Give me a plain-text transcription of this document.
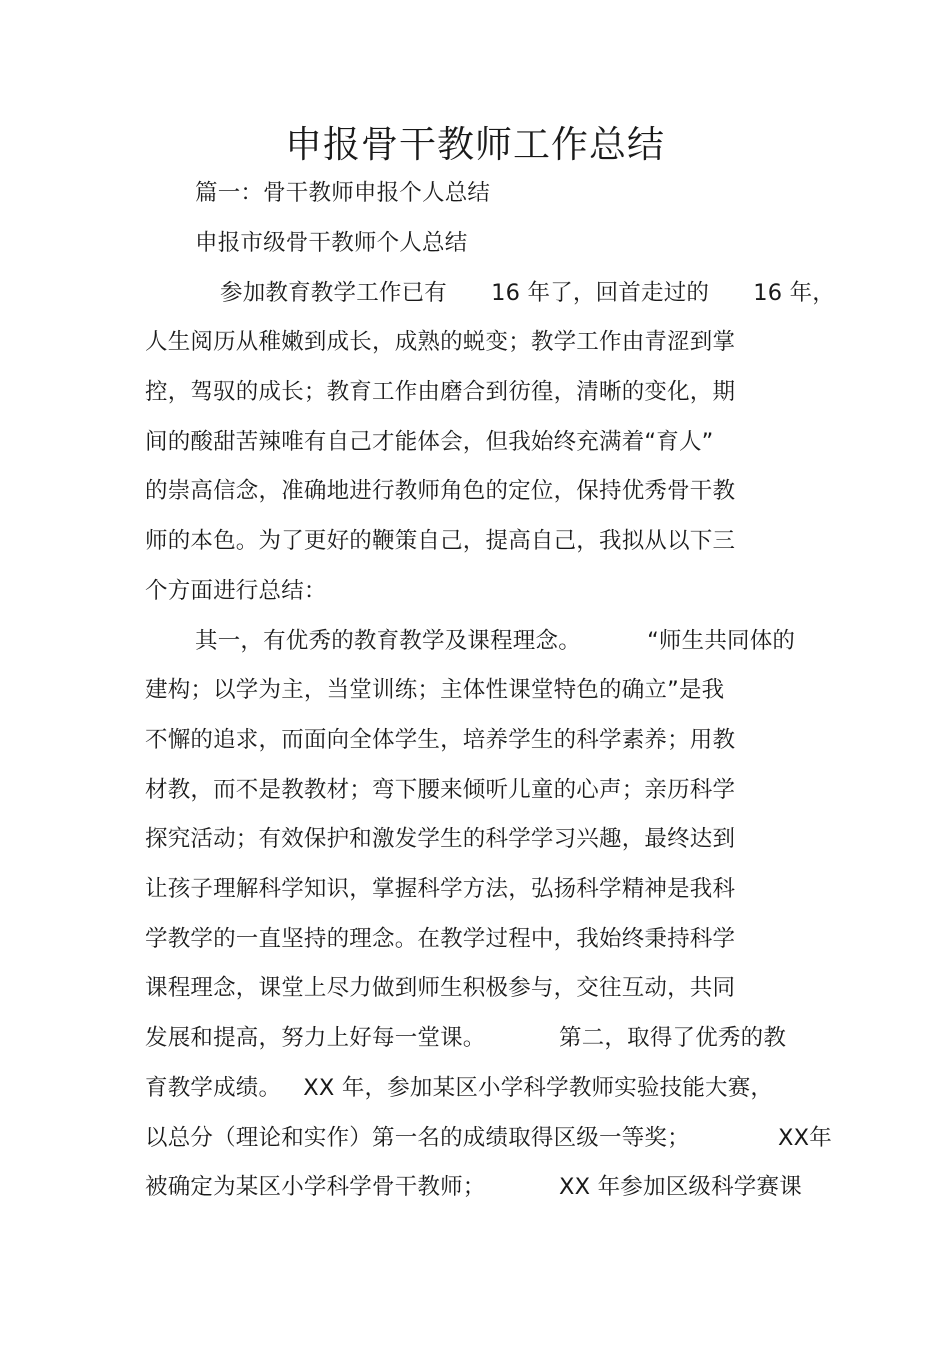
申报骨干教师工作总结
篇一：骨干教师申报个人总结
申报市级骨干教师个人总结
参加教育教学工作已有      16 年了，回首走过的      16 年，
人生阅历从稚嫩到成长，成熟的蜕变；教学工作由青涩到掌
控，驾驭的成长；教育工作由磨合到彷徨，清晰的变化，期
间的酸甜苦辣唯有自己才能体会，但我始终充满着“育人”
的崇高信念，准确地进行教师角色的定位，保持优秀骨干教
师的本色。为了更好的鞭策自己，提高自己，我拟从以下三
个方面进行总结：
其一，有优秀的教育教学及课程理念。         “师生共同体的
建构；以学为主，当堂训练；主体性课堂特色的确立”是我
不懈的追求，而面向全体学生，培养学生的科学素养；用教
材教，而不是教教材；弯下腰来倾听儿童的心声；亲历科学
探究活动；有效保护和激发学生的科学学习兴趣，最终达到
让孩子理解科学知识，掌握科学方法，弘扬科学精神是我科
学教学的一直坚持的理念。在教学过程中，我始终秉持科学
课程理念，课堂上尽力做到师生积极参与，交往互动，共同
发展和提高，努力上好每一堂课。          第二，取得了优秀的教
育教学成绩。   XX 年，参加某区小学科学教师实验技能大赛，
以总分（理论和实作）第一名的成绩取得区级一等奖；            XX年
被确定为某区小学科学骨干教师；          XX 年参加区级科学赛课
